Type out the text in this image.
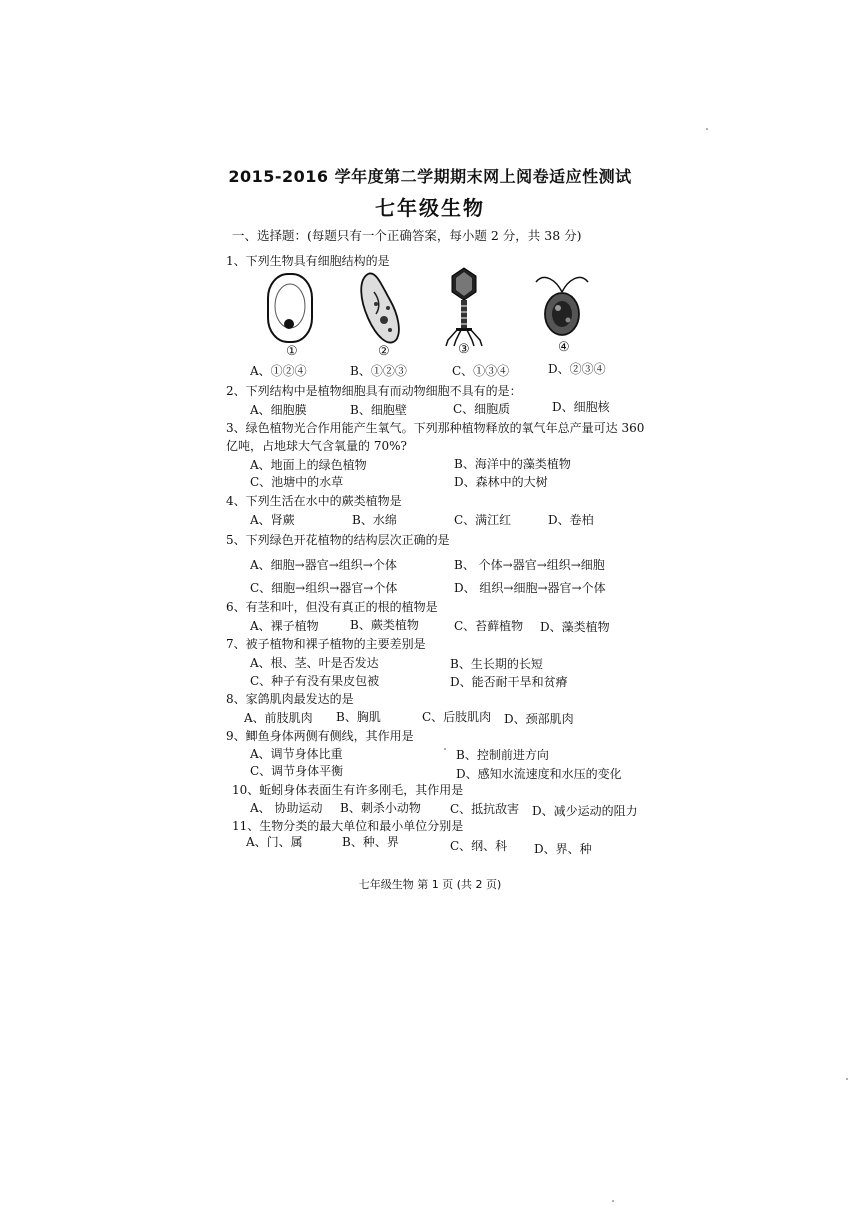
2015-2016 学年度第二学期期末网上阅卷适应性测试
七年级生物
一、选择题：(每题只有一个正确答案，每小题 2 分，共 38 分)
1、下列生物具有细胞结构的是
①	②	③	④
A、①②④	B、①②③	C、①③④	D、②③④
2、下列结构中是植物细胞具有而动物细胞不具有的是：
A、细胞膜	B、细胞壁	C、细胞质	D、细胞核
3、绿色植物光合作用能产生氧气。下列那种植物释放的氧气年总产量可达 360
亿吨，占地球大气含氧量的 70%?
A、地面上的绿色植物	B、海洋中的藻类植物
C、池塘中的水草	D、森林中的大树
4、下列生活在水中的蕨类植物是
A、肾蕨	B、水绵	C、满江红	D、卷柏
5、下列绿色开花植物的结构层次正确的是
A、细胞→器官→组织→个体	B、 个体→器官→组织→细胞
C、细胞→组织→器官→个体	D、 组织→细胞→器官→个体
6、有茎和叶，但没有真正的根的植物是
A、裸子植物	B、蕨类植物	C、苔藓植物 D、藻类植物
7、被子植物和裸子植物的主要差别是
A、根、茎、叶是否发达	B、生长期的长短
C、种子有没有果皮包被	D、能否耐干旱和贫瘠
8、家鸽肌肉最发达的是
A、前肢肌肉 B、胸肌	C、后肢肌肉 D、颈部肌肉
9、鲫鱼身体两侧有侧线，其作用是
A、调节身体比重	B、控制前进方向
C、调节身体平衡	D、感知水流速度和水压的变化
10、蚯蚓身体表面生有许多刚毛，其作用是
A、 协助运动 B、刺杀小动物 C、抵抗敌害 D、减少运动的阻力
11、生物分类的最大单位和最小单位分别是
A、门、属	B、种、界	C、纲、科 D、界、种
七年级生物 第 1 页 (共 2 页)
